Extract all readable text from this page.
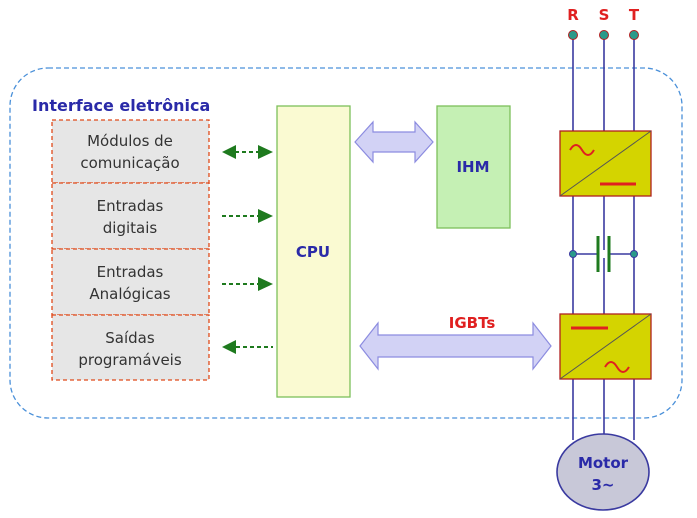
Interface eletrônica
Módulos de
comunicação
Entradas
digitais
Entradas
Analógicas
Saídas
programáveis
CPU
IHM
IGBTs
R S T
Motor
3~
